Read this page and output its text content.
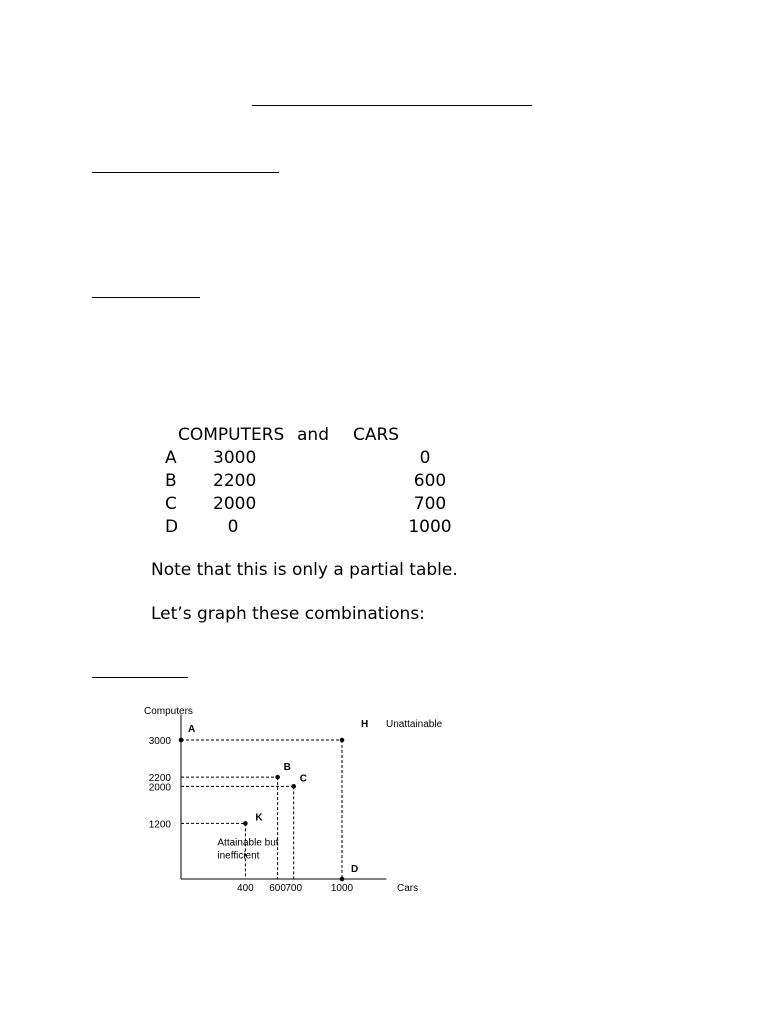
COMPUTERS and CARS
A 3000	0
B 2200	600
C 2000	700
D	0	1000
Note that this is only a partial table.
Let’s graph these combinations:
Computers
Cars
1200
2000
2200
3000
400 600 700	1000
A
B
C
D
H
K
Unattainable
Attainable but
inefficient
